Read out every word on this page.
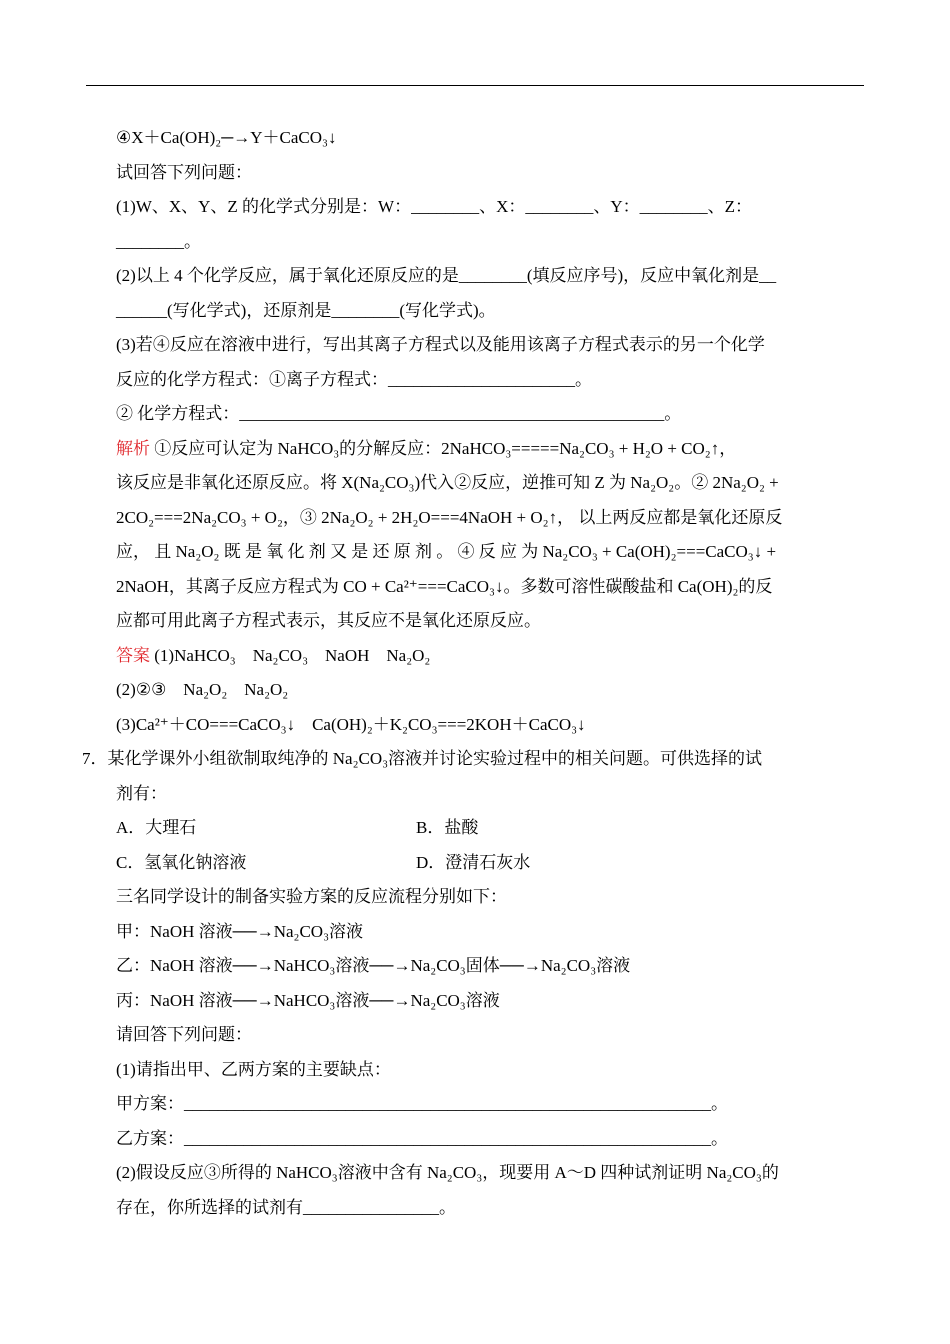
④X＋Ca(OH)₂─→Y＋CaCO₃↓
试回答下列问题：
(1)W、X、Y、Z 的化学式分别是：W：________、X：________、Y：________、Z：
________。
(2)以上 4 个化学反应，属于氧化还原反应的是________(填反应序号)，反应中氧化剂是__
______(写化学式)，还原剂是________(写化学式)。
(3)若④反应在溶液中进行，写出其离子方程式以及能用该离子方程式表示的另一个化学
反应的化学方程式：①离子方程式：______________________。
② 化学方程式：__________________________________________________。
解析 ①反应可认定为 NaHCO₃的分解反应：2NaHCO₃=====Na₂CO₃ + H₂O + CO₂↑，
该反应是非氧化还原反应。将 X(Na₂CO₃)代入②反应，逆推可知 Z 为 Na₂O₂。② 2Na₂O₂ +
2CO₂===2Na₂CO₃ + O₂，③ 2Na₂O₂ + 2H₂O===4NaOH + O₂↑， 以上两反应都是氧化还原反
应， 且 Na₂O₂ 既 是 氧 化 剂 又 是 还 原 剂 。 ④ 反 应 为 Na₂CO₃ + Ca(OH)₂===CaCO₃↓ +
2NaOH，其离子反应方程式为 CO + Ca²⁺===CaCO₃↓。多数可溶性碳酸盐和 Ca(OH)₂的反
应都可用此离子方程式表示，其反应不是氧化还原反应。
答案 (1)NaHCO₃　Na₂CO₃　NaOH　Na₂O₂
(2)②③　Na₂O₂　Na₂O₂
(3)Ca²⁺＋CO===CaCO₃↓　Ca(OH)₂＋K₂CO₃===2KOH＋CaCO₃↓
7．某化学课外小组欲制取纯净的 Na₂CO₃溶液并讨论实验过程中的相关问题。可供选择的试
剂有：
A．大理石	B．盐酸
C．氢氧化钠溶液	D．澄清石灰水
三名同学设计的制备实验方案的反应流程分别如下：
甲：NaOH 溶液──→Na₂CO₃溶液
乙：NaOH 溶液──→NaHCO₃溶液──→Na₂CO₃固体──→Na₂CO₃溶液
丙：NaOH 溶液──→NaHCO₃溶液──→Na₂CO₃溶液
请回答下列问题：
(1)请指出甲、乙两方案的主要缺点：
甲方案：______________________________________________________________。
乙方案：______________________________________________________________。
(2)假设反应③所得的 NaHCO₃溶液中含有 Na₂CO₃，现要用 A～D 四种试剂证明 Na₂CO₃的
存在，你所选择的试剂有________________。
